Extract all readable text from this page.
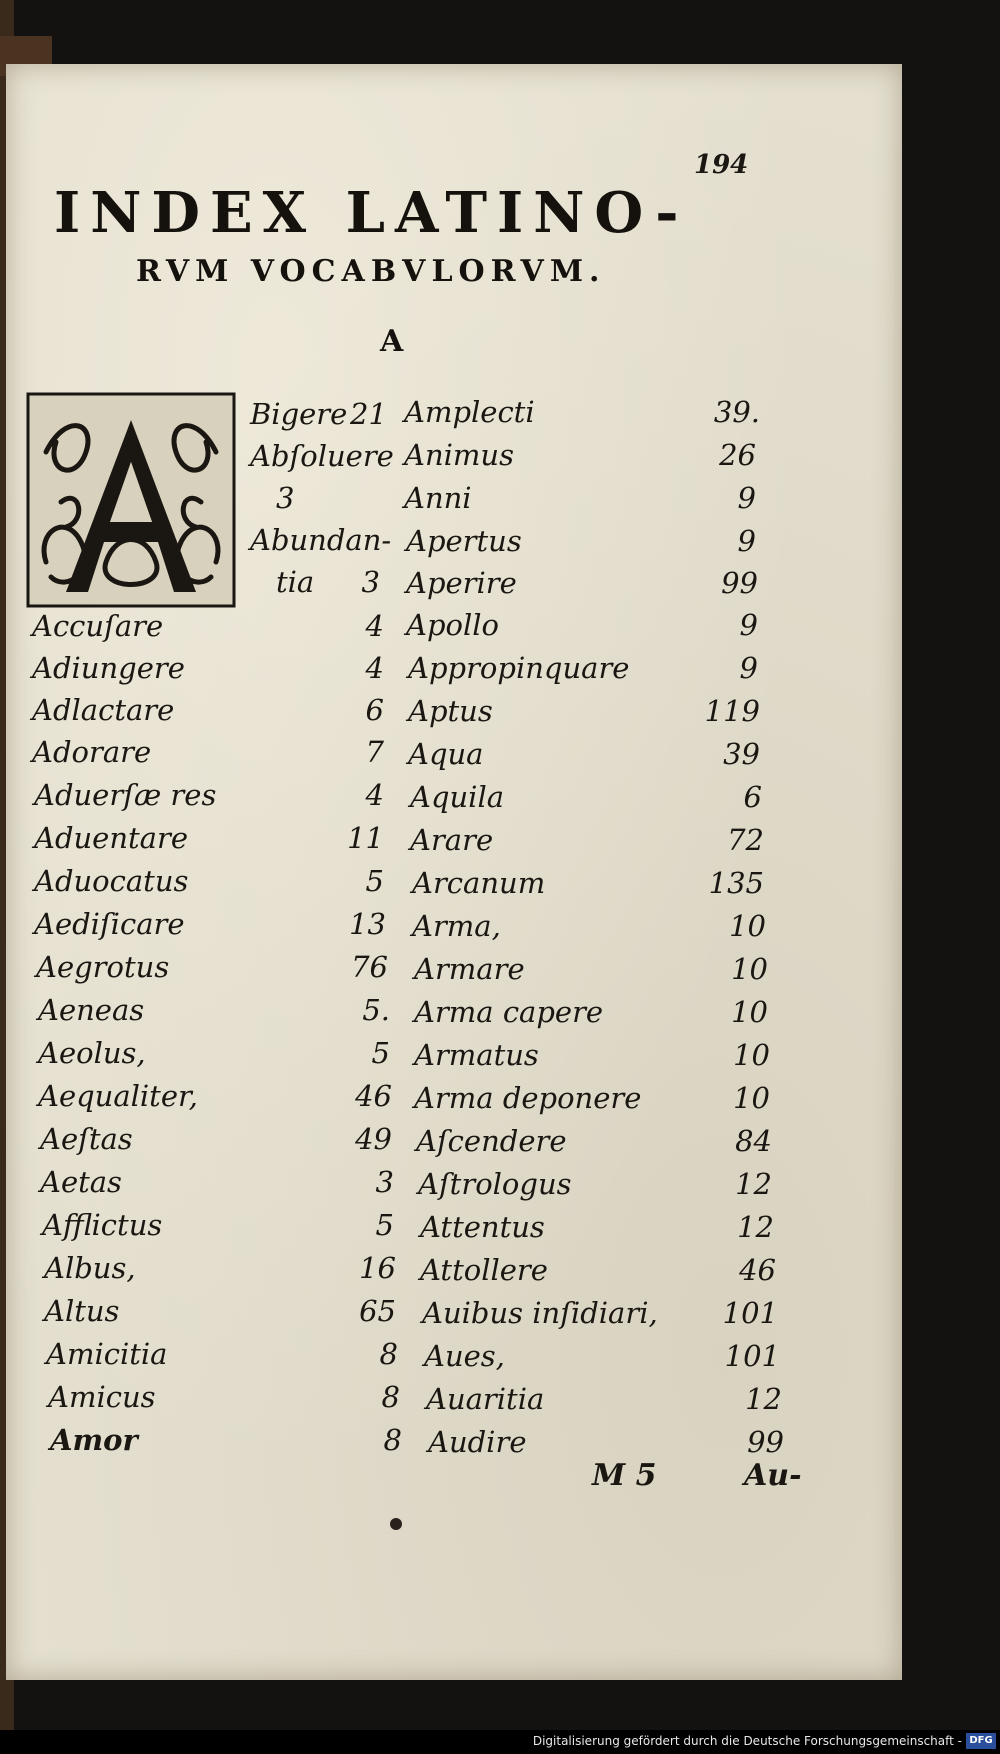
194
INDEX LATINO-
RVM VOCABVLORVM.
A
Bigere 21
Abſoluere
3
Abundan-
tia	3
Accuſare	4
Adiungere	4
Adlactare	6
Adorare	7
Aduerſæ res	4
Aduentare	11
Aduocatus	5
Aediſicare	13
Aegrotus	76
Aeneas	5.
Aeolus,	5
Aequaliter,	46
Aeſtas	49
Aetas	3
Afflictus	5
Albus,	16
Altus	65
Amicitia	8
Amicus	8
Amor	8
Amplecti	39.
Animus	26
Anni	9
Apertus	9
Aperire	99
Apollo	9
Appropinquare	9
Aptus	119
Aqua	39
Aquila	6
Arare	72
Arcanum	135
Arma,	10
Armare	10
Arma capere	10
Armatus	10
Arma deponere	10
Aſcendere	84
Aſtrologus	12
Attentus	12
Attollere	46
Auibus inſidiari,	101
Aues,	101
Auaritia	12
Audire	99
M 5	Au-
Digitalisierung gefördert durch die Deutsche Forschungsgemeinschaft - DFG
